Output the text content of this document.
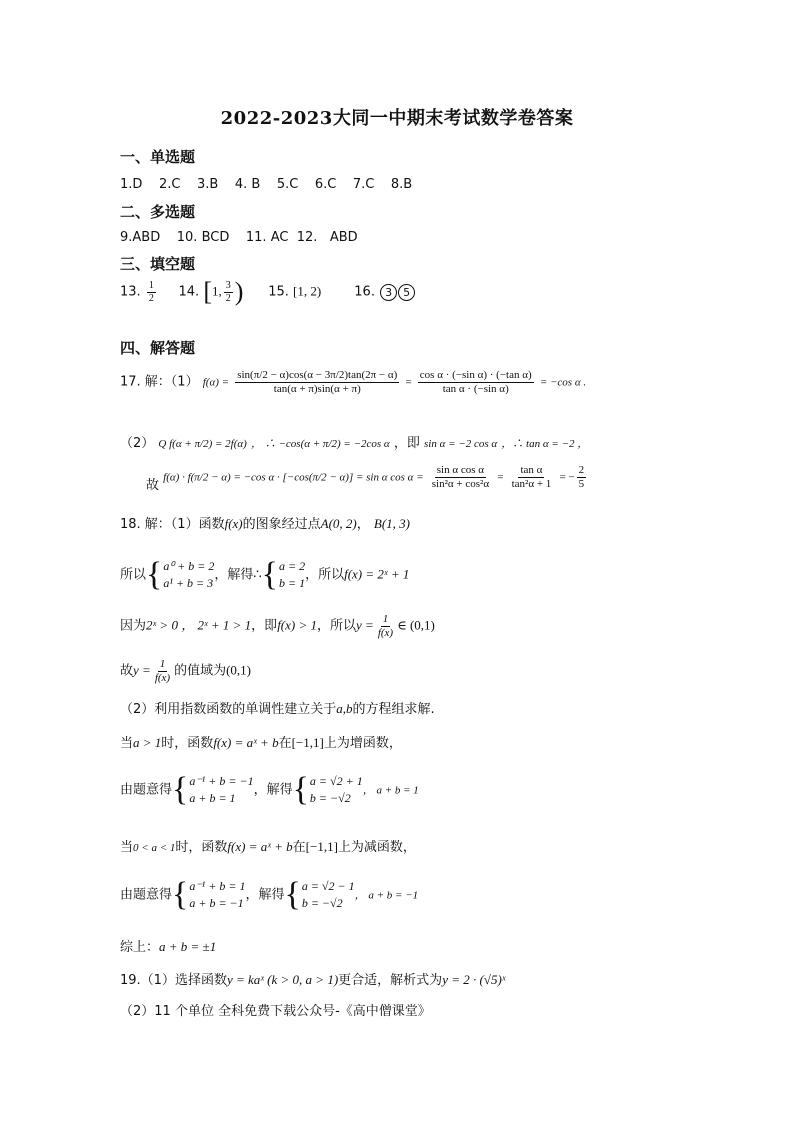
2022-2023大同一中期末考试数学卷答案
一、单选题
1.D 2.C 3.B 4. B 5.C 6.C 7.C 8.B
二、多选题
9.ABD 10. BCD 11. AC 12. ABD
三、填空题
13. $\frac{1}{2} 14$. [1, $\frac{3}{2}$ ) 15. [1, 2)	16. 3 5
四、解答题
17. 解：（1） $f(\alpha) = \frac{\sin(\pi/2 - \alpha)\cos(\alpha - 3\pi/2)\tan(2\pi - \alpha)}{\tan(\alpha + \pi)\sin(\alpha + \pi)} = \frac{\text{cos α · (−sin α) · (−tan α)}}{\text{tan α · (−sin α)}} = -\cos$ α .
（2） Q f(α + π/2) = 2f(α) ， ∴ −cos(α + π/2) = −2cos α ，即 sin α = −2 cos α ，∴ tan α = −2 ，
故 f(α) · f(π/2 − α) = −cos α · [−cos(π/2 − α)] = sin α $\cos \alpha = \frac{\text{sin α cos α}}{\text{sin²α + cos²α}} = \frac{\text{tan α}}{\text{tan²α + 1}}$ = − $\frac{2}{5}$
18. 解：（1）函数f(x)的图象经过点A(0, 2)， B(1, 3)
所以 { a⁰ + b = 2
a¹ + b = 3
，解得∴ { a = 2
b = 1
，所以f(x) = 2ˣ + 1
因为2ˣ > 0 ， 2ˣ + 1 > 1，即f(x) > 1，所以$y = \frac{1}{f(x)}$ ∈ (0,1)
故$y = \frac{1}{f(x)}$ 的值域为(0,1)
（2）利用指数函数的单调性建立关于a,b的方程组求解.
当a > 1时，函数f(x) = aˣ + b在[−1,1]上为增函数，
由题意得 { a⁻¹ + b = −1
a + b = 1
，解得 { a = √2 + 1
b = −√2
， a + b = 1
当0 < a < 1时，函数f(x) = aˣ + b在[−1,1]上为减函数，
由题意得 { a⁻¹ + b = 1
a + b = −1
，解得 { a = √2 − 1
b = −√2
， a + b = −1
综上：a + b = ±1
19.（1）选择函数y = kaˣ (k > 0, a > 1)更合适，解析式为y = 2 · (√5)ˣ
（2）11 个单位 全科免费下载公众号-《高中僧课堂》
